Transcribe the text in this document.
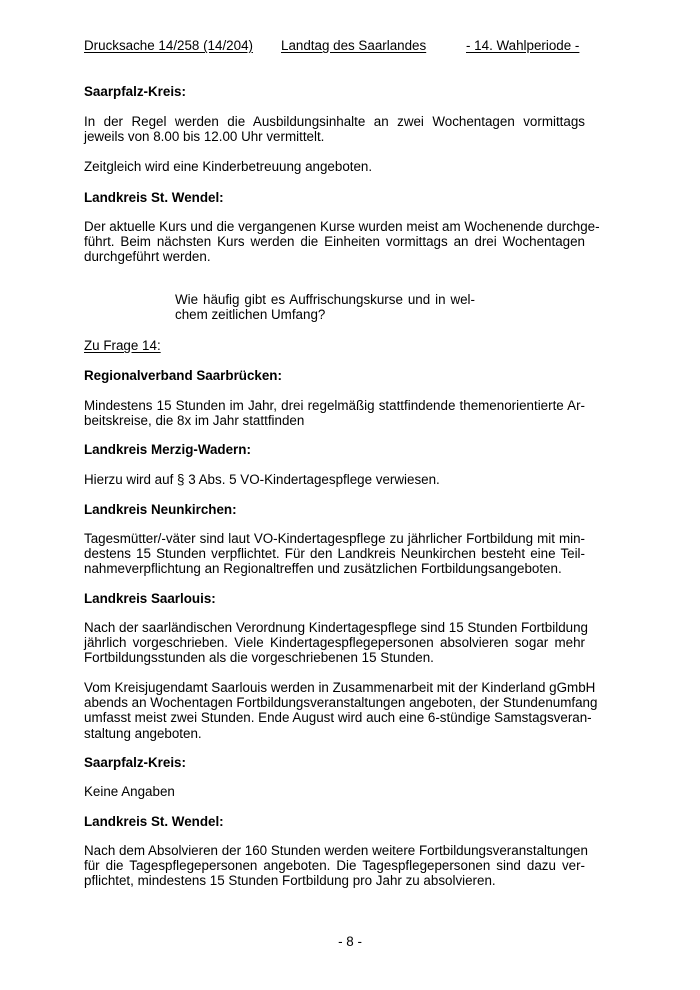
Drucksache 14/258 (14/204) Landtag des Saarlandes	- 14. Wahlperiode -
Saarpfalz-Kreis:
In der Regel werden die Ausbildungsinhalte an zwei Wochentagen vormittags jeweils von 8.00 bis 12.00 Uhr vermittelt.
Zeitgleich wird eine Kinderbetreuung angeboten.
Landkreis St. Wendel:
Der aktuelle Kurs und die vergangenen Kurse wurden meist am Wochenende durchge-
führt. Beim nächsten Kurs werden die Einheiten vormittags an drei Wochentagen
durchgeführt werden.
Wie häufig gibt es Auffrischungskurse und in wel-
chem zeitlichen Umfang?
Zu Frage 14:
Regionalverband Saarbrücken:
Mindestens 15 Stunden im Jahr, drei regelmäßig stattfindende themenorientierte Ar-
beitskreise, die 8x im Jahr stattfinden
Landkreis Merzig-Wadern:
Hierzu wird auf § 3 Abs. 5 VO-Kindertagespflege verwiesen.
Landkreis Neunkirchen:
Tagesmütter/-väter sind laut VO-Kindertagespflege zu jährlicher Fortbildung mit min-
destens 15 Stunden verpflichtet. Für den Landkreis Neunkirchen besteht eine Teil-
nahmeverpflichtung an Regionaltreffen und zusätzlichen Fortbildungsangeboten.
Landkreis Saarlouis:
Nach der saarländischen Verordnung Kindertagespflege sind 15 Stunden Fortbildung
jährlich vorgeschrieben. Viele Kindertagespflegepersonen absolvieren sogar mehr
Fortbildungsstunden als die vorgeschriebenen 15 Stunden.
Vom Kreisjugendamt Saarlouis werden in Zusammenarbeit mit der Kinderland gGmbH
abends an Wochentagen Fortbildungsveranstaltungen angeboten, der Stundenumfang
umfasst meist zwei Stunden. Ende August wird auch eine 6-stündige Samstagsveran-
staltung angeboten.
Saarpfalz-Kreis:
Keine Angaben
Landkreis St. Wendel:
Nach dem Absolvieren der 160 Stunden werden weitere Fortbildungsveranstaltungen
für die Tagespflegepersonen angeboten. Die Tagespflegepersonen sind dazu ver-
pflichtet, mindestens 15 Stunden Fortbildung pro Jahr zu absolvieren.
- 8 -
